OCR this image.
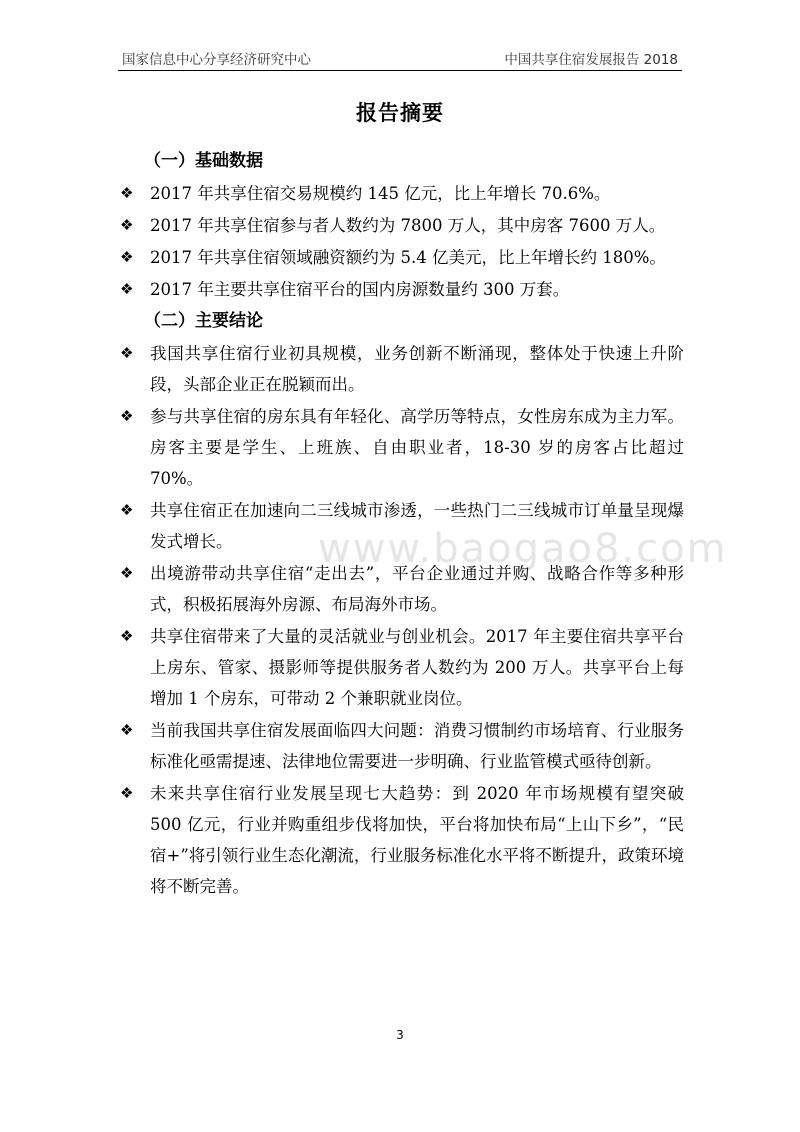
国家信息中心分享经济研究中心	中国共享住宿发展报告 2018
报告摘要
www.baogao8.com
（一）基础数据
❖ 2017 年共享住宿交易规模约 145 亿元，比上年增长 70.6%。
❖ 2017 年共享住宿参与者人数约为 7800 万人，其中房客 7600 万人。
❖ 2017 年共享住宿领域融资额约为 5.4 亿美元，比上年增长约 180%。
❖ 2017 年主要共享住宿平台的国内房源数量约 300 万套。
（二）主要结论
❖ 我国共享住宿行业初具规模，业务创新不断涌现，整体处于快速上升阶段，头部企业正在脱颖而出。
❖ 参与共享住宿的房东具有年轻化、高学历等特点，女性房东成为主力军。房客主要是学生、上班族、自由职业者，18-30 岁的房客占比超过 70%。
❖ 共享住宿正在加速向二三线城市渗透，一些热门二三线城市订单量呈现爆发式增长。
❖ 出境游带动共享住宿“走出去”，平台企业通过并购、战略合作等多种形式，积极拓展海外房源、布局海外市场。
❖ 共享住宿带来了大量的灵活就业与创业机会。2017 年主要住宿共享平台上房东、管家、摄影师等提供服务者人数约为 200 万人。共享平台上每增加 1 个房东，可带动 2 个兼职就业岗位。
❖ 当前我国共享住宿发展面临四大问题：消费习惯制约市场培育、行业服务标准化亟需提速、法律地位需要进一步明确、行业监管模式亟待创新。
❖ 未来共享住宿行业发展呈现七大趋势：到 2020 年市场规模有望突破 500 亿元，行业并购重组步伐将加快，平台将加快布局“上山下乡”，“民宿+”将引领行业生态化潮流，行业服务标准化水平将不断提升，政策环境将不断完善。
3
